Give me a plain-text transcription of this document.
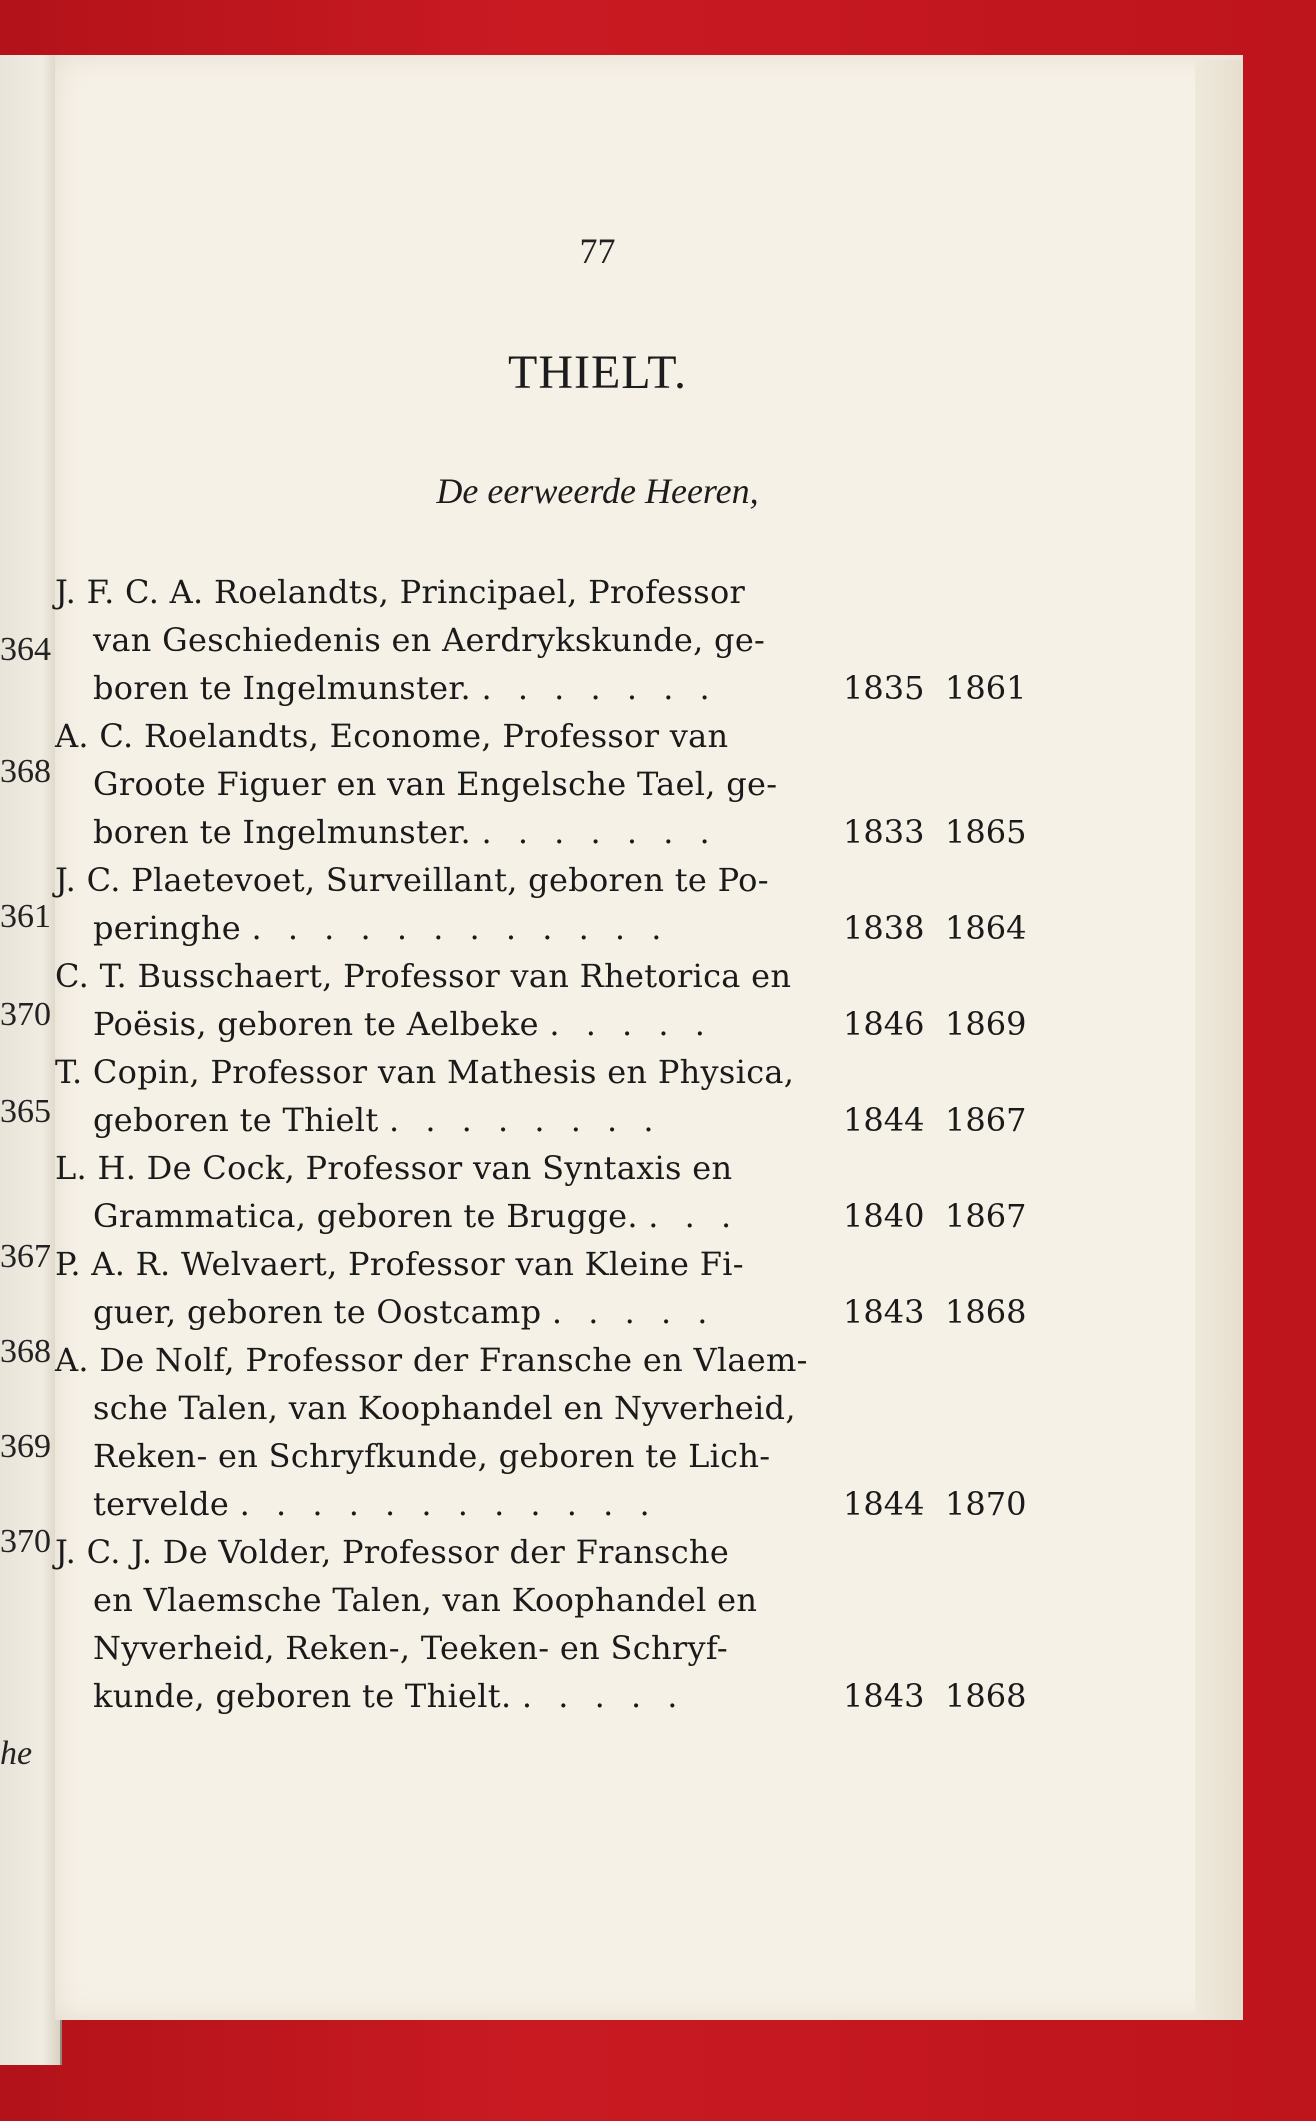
364
368
361
370
365
367
368
369
370
he
77
THIELT.
De eerweerde Heeren,
J. F. C. A. Roelandts, Principael, Professor
van Geschiedenis en Aerdrykskunde, ge-
boren te Ingelmunster. . . . . . . .	1835 1861
A. C. Roelandts, Econome, Professor van
Groote Figuer en van Engelsche Tael, ge-
boren te Ingelmunster. . . . . . . .	1833 1865
J. C. Plaetevoet, Surveillant, geboren te Po-
peringhe . . . . . . . . . . . .	1838 1864
C. T. Busschaert, Professor van Rhetorica en
Poësis, geboren te Aelbeke . . . . .	1846 1869
T. Copin, Professor van Mathesis en Physica,
geboren te Thielt . . . . . . . .	1844 1867
L. H. De Cock, Professor van Syntaxis en
Grammatica, geboren te Brugge. . . .	1840 1867
P. A. R. Welvaert, Professor van Kleine Fi-
guer, geboren te Oostcamp . . . . .	1843 1868
A. De Nolf, Professor der Fransche en Vlaem-
sche Talen, van Koophandel en Nyverheid,
Reken- en Schryfkunde, geboren te Lich-
tervelde . . . . . . . . . . . .	1844 1870
J. C. J. De Volder, Professor der Fransche
en Vlaemsche Talen, van Koophandel en
Nyverheid, Reken-, Teeken- en Schryf-
kunde, geboren te Thielt. . . . . .	1843 1868
